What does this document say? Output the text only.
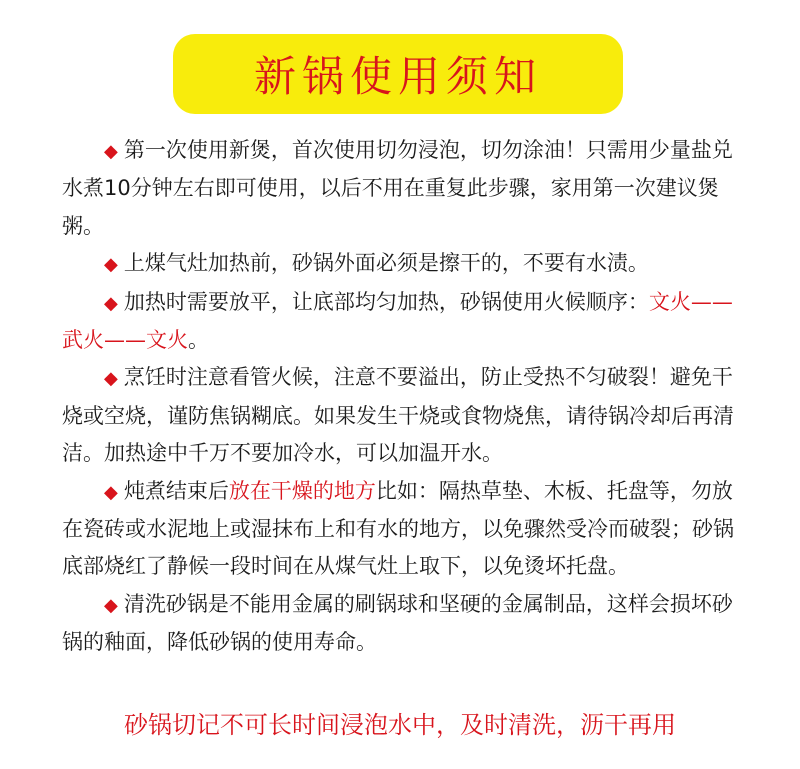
新锅使用须知

◆ 第一次使用新煲，首次使用切勿浸泡，切勿涂油！只需用少量盐兑水煮10分钟左右即可使用，以后不用在重复此步骤，家用第一次建议煲粥。

◆ 上煤气灶加热前，砂锅外面必须是擦干的，不要有水渍。

◆ 加热时需要放平，让底部均匀加热，砂锅使用火候顺序：文火——武火——文火。

◆ 烹饪时注意看管火候，注意不要溢出，防止受热不匀破裂！避免干烧或空烧，谨防焦锅糊底。如果发生干烧或食物烧焦，请待锅冷却后再清洁。加热途中千万不要加冷水，可以加温开水。

◆ 炖煮结束后放在干燥的地方比如：隔热草垫、木板、托盘等，勿放在瓷砖或水泥地上或湿抹布上和有水的地方，以免骤然受冷而破裂；砂锅底部烧红了静候一段时间在从煤气灶上取下，以免烫坏托盘。

◆ 清洗砂锅是不能用金属的刷锅球和坚硬的金属制品，这样会损坏砂锅的釉面，降低砂锅的使用寿命。

砂锅切记不可长时间浸泡水中，及时清洗，沥干再用
